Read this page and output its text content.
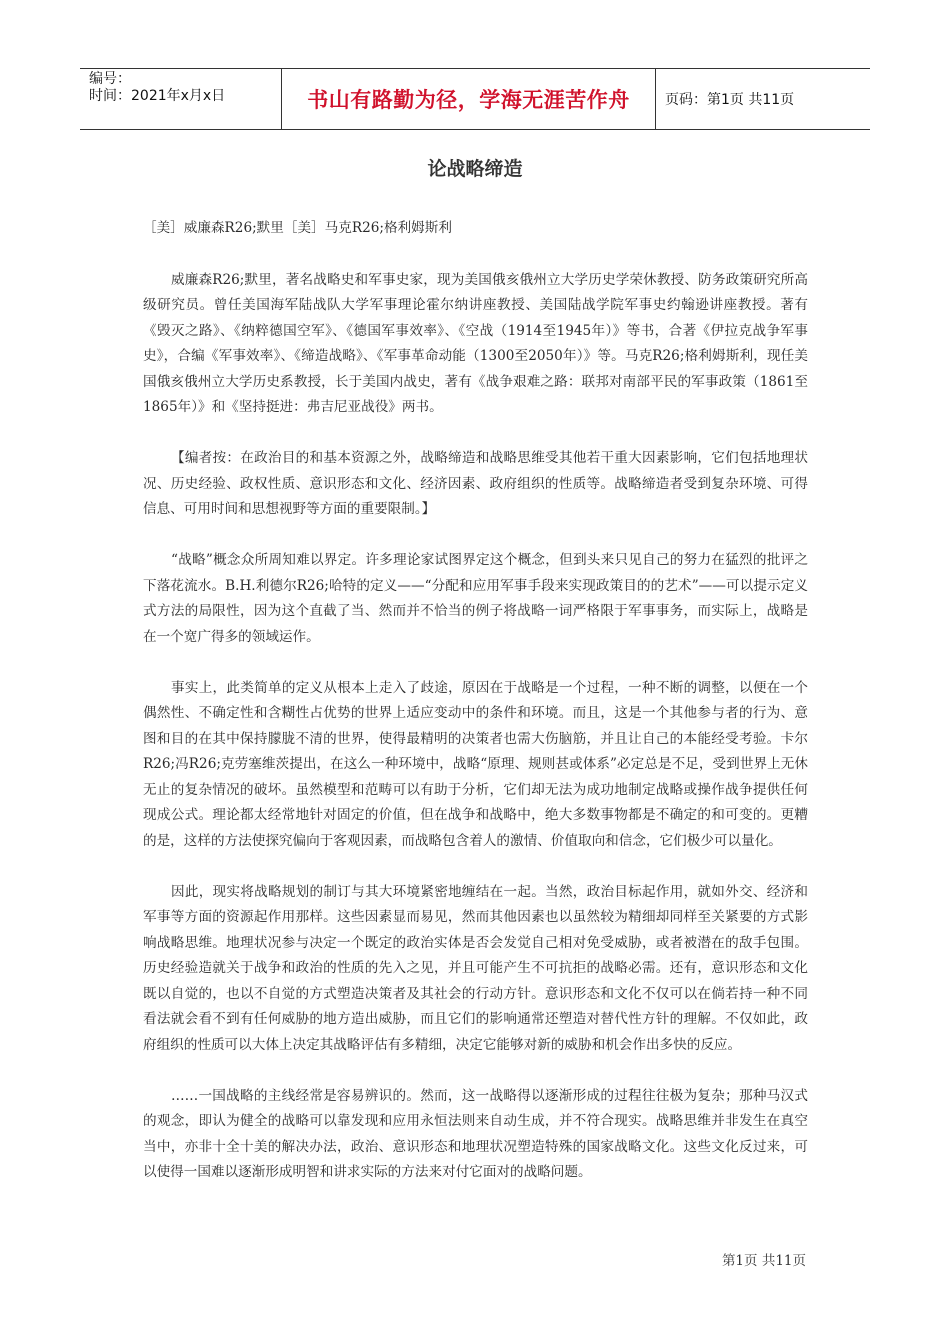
编号：
时间：2021年x月x日	书山有路勤为径，学海无涯苦作舟	页码：第1页 共11页
论战略缔造

［美］威廉森R26;默里［美］马克R26;格利姆斯利

威廉森R26;默里，著名战略史和军事史家，现为美国俄亥俄州立大学历史学荣休教授、防务政策研究所高级研究员。曾任美国海军陆战队大学军事理论霍尔纳讲座教授、美国陆战学院军事史约翰逊讲座教授。著有《毁灭之路》、《纳粹德国空军》、《德国军事效率》、《空战（1914至1945年）》等书，合著《伊拉克战争军事史》，合编《军事效率》、《缔造战略》、《军事革命动能（1300至2050年）》等。马克R26;格利姆斯利，现任美国俄亥俄州立大学历史系教授，长于美国内战史，著有《战争艰难之路：联邦对南部平民的军事政策（1861至1865年）》和《坚持挺进：弗吉尼亚战役》两书。

【编者按：在政治目的和基本资源之外，战略缔造和战略思维受其他若干重大因素影响，它们包括地理状况、历史经验、政权性质、意识形态和文化、经济因素、政府组织的性质等。战略缔造者受到复杂环境、可得信息、可用时间和思想视野等方面的重要限制。】

“战略”概念众所周知难以界定。许多理论家试图界定这个概念，但到头来只见自己的努力在猛烈的批评之下落花流水。B.H.利德尔R26;哈特的定义——“分配和应用军事手段来实现政策目的的艺术”——可以提示定义式方法的局限性，因为这个直截了当、然而并不恰当的例子将战略一词严格限于军事事务，而实际上，战略是在一个宽广得多的领域运作。

事实上，此类简单的定义从根本上走入了歧途，原因在于战略是一个过程，一种不断的调整，以便在一个偶然性、不确定性和含糊性占优势的世界上适应变动中的条件和环境。而且，这是一个其他参与者的行为、意图和目的在其中保持朦胧不清的世界，使得最精明的决策者也需大伤脑筋，并且让自己的本能经受考验。卡尔R26;冯R26;克劳塞维茨提出，在这么一种环境中，战略“原理、规则甚或体系”必定总是不足，受到世界上无休无止的复杂情况的破坏。虽然模型和范畴可以有助于分析，它们却无法为成功地制定战略或操作战争提供任何现成公式。理论都太经常地针对固定的价值，但在战争和战略中，绝大多数事物都是不确定的和可变的。更糟的是，这样的方法使探究偏向于客观因素，而战略包含着人的激情、价值取向和信念，它们极少可以量化。

因此，现实将战略规划的制订与其大环境紧密地缠结在一起。当然，政治目标起作用，就如外交、经济和军事等方面的资源起作用那样。这些因素显而易见，然而其他因素也以虽然较为精细却同样至关紧要的方式影响战略思维。地理状况参与决定一个既定的政治实体是否会发觉自己相对免受威胁，或者被潜在的敌手包围。历史经验造就关于战争和政治的性质的先入之见，并且可能产生不可抗拒的战略必需。还有，意识形态和文化既以自觉的，也以不自觉的方式塑造决策者及其社会的行动方针。意识形态和文化不仅可以在倘若持一种不同看法就会看不到有任何威胁的地方造出威胁，而且它们的影响通常还塑造对替代性方针的理解。不仅如此，政府组织的性质可以大体上决定其战略评估有多精细，决定它能够对新的威胁和机会作出多快的反应。

……一国战略的主线经常是容易辨识的。然而，这一战略得以逐渐形成的过程往往极为复杂；那种马汉式的观念，即认为健全的战略可以靠发现和应用永恒法则来自动生成，并不符合现实。战略思维并非发生在真空当中，亦非十全十美的解决办法，政治、意识形态和地理状况塑造特殊的国家战略文化。这些文化反过来，可以使得一国难以逐渐形成明智和讲求实际的方法来对付它面对的战略问题。

第1页 共11页
